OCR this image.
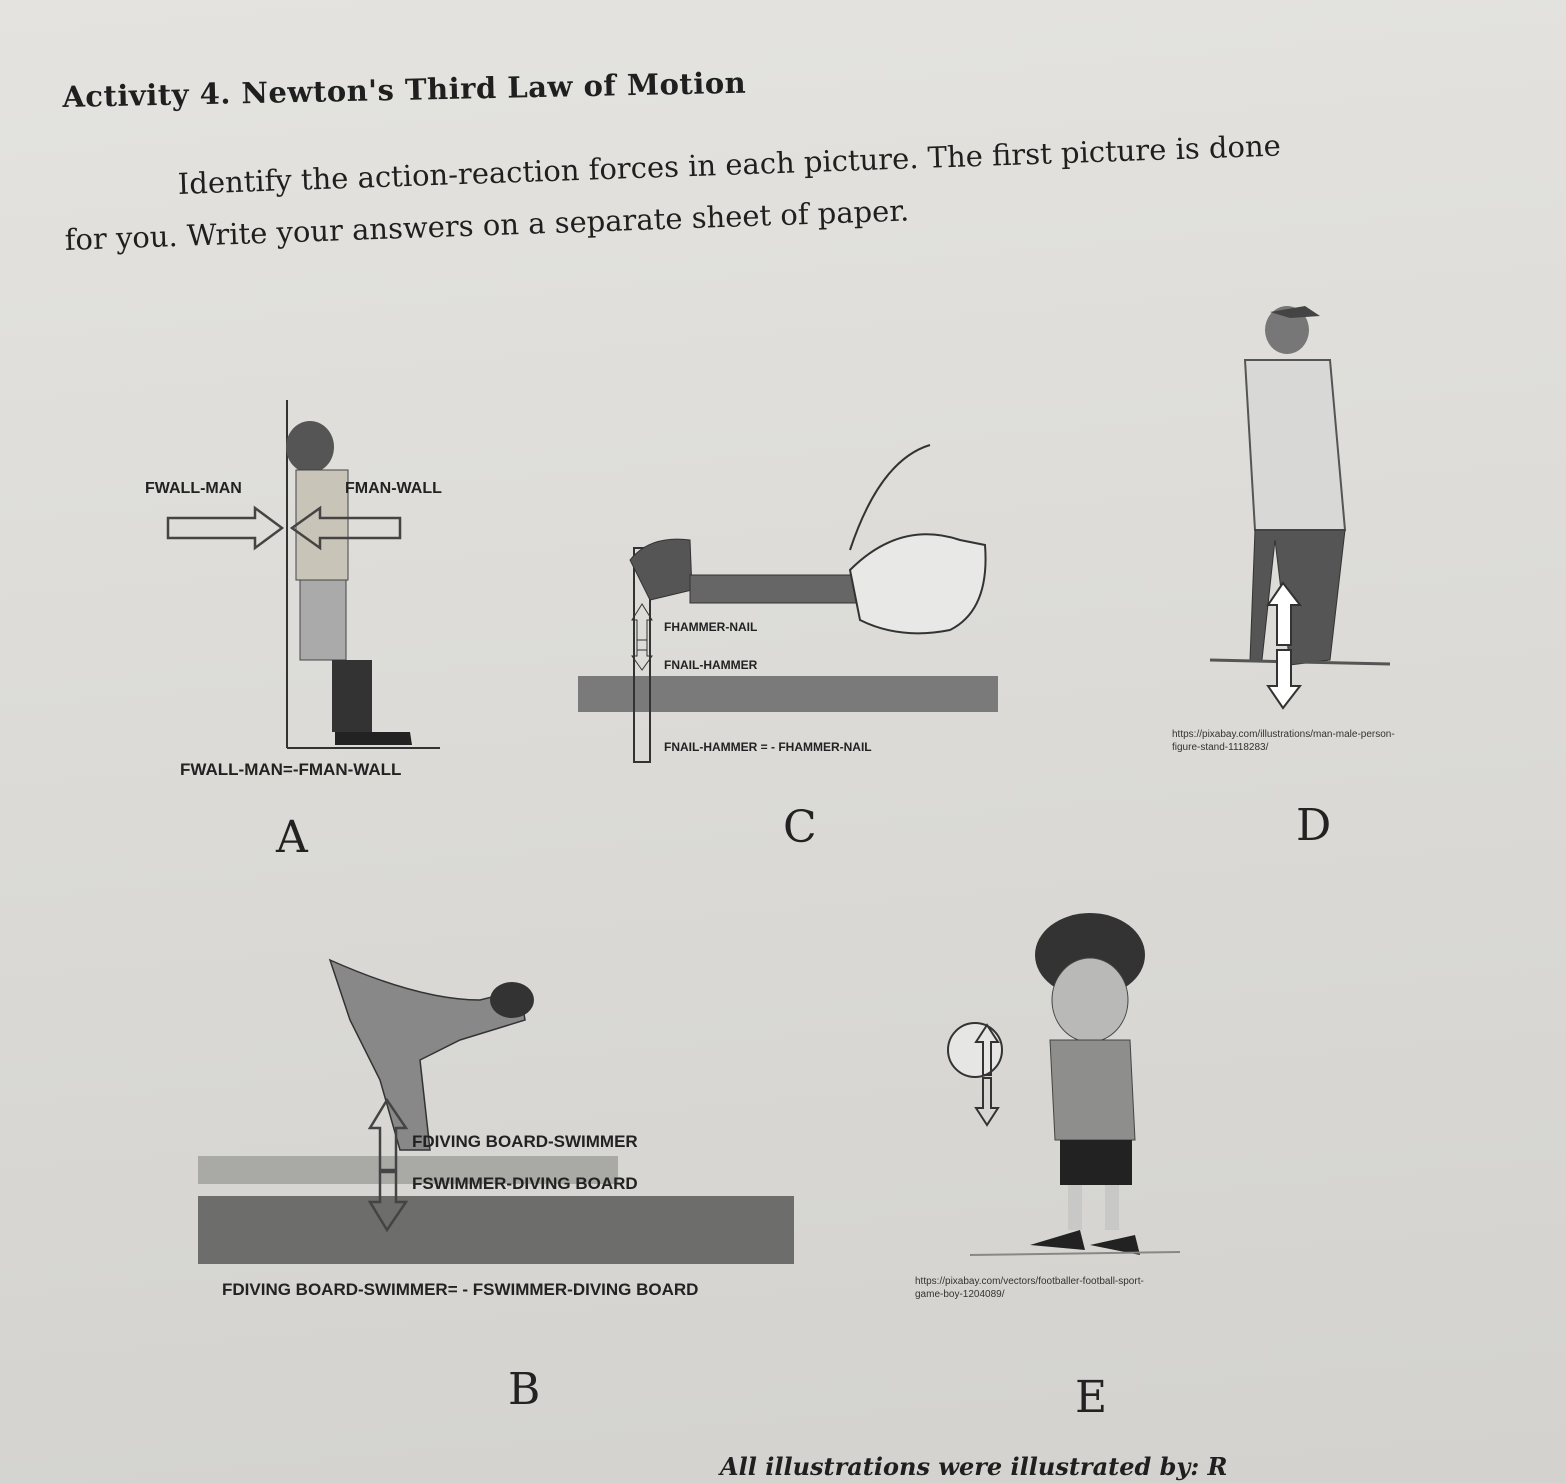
Activity 4. Newton's Third Law of Motion
Identify the action-reaction forces in each picture. The first picture is done
for you. Write your answers on a separate sheet of paper.
FWALL-MAN	FMAN-WALL
FWALL-MAN=-FMAN-WALL
A
FHAMMER-NAIL
FNAIL-HAMMER
FNAIL-HAMMER = - FHAMMER-NAIL
C
https://pixabay.com/illustrations/man-male-person-
figure-stand-1118283/
D
FDIVING BOARD-SWIMMER
FSWIMMER-DIVING BOARD
FDIVING BOARD-SWIMMER= - FSWIMMER-DIVING BOARD
B
https://pixabay.com/vectors/footballer-football-sport-
game-boy-1204089/
E
All illustrations were illustrated by: R
